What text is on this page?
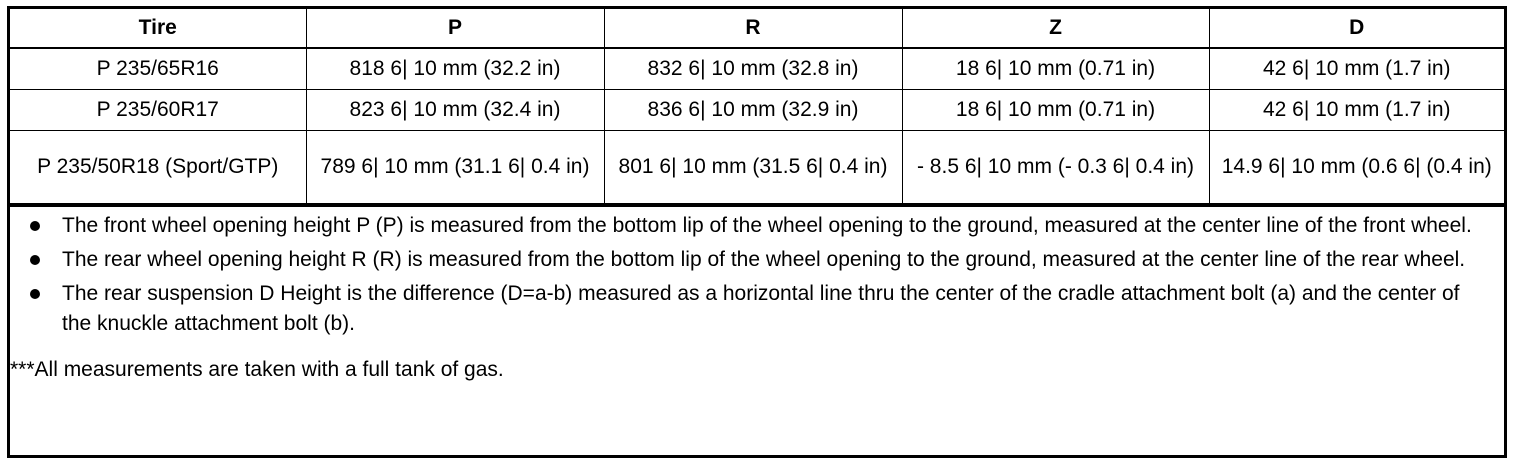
Tire	P	R	Z	D
P 235/65R16	818 6| 10 mm (32.2 in)	832 6| 10 mm (32.8 in)	18 6| 10 mm (0.71 in)	42 6| 10 mm (1.7 in)
P 235/60R17	823 6| 10 mm (32.4 in)	836 6| 10 mm (32.9 in)	18 6| 10 mm (0.71 in)	42 6| 10 mm (1.7 in)
P 235/50R18 (Sport/GTP)	789 6| 10 mm (31.1 6| 0.4 in)	801 6| 10 mm (31.5 6| 0.4 in)	- 8.5 6| 10 mm (- 0.3 6| 0.4 in)	14.9 6| 10 mm (0.6 6| (0.4 in)
The front wheel opening height P (P) is measured from the bottom lip of the wheel opening to the ground, measured at the center line of the front wheel.
The rear wheel opening height R (R) is measured from the bottom lip of the wheel opening to the ground, measured at the center line of the rear wheel.
The rear suspension D Height is the difference (D=a-b) measured as a horizontal line thru the center of the cradle attachment bolt (a) and the center of the knuckle attachment bolt (b).
***All measurements are taken with a full tank of gas.
